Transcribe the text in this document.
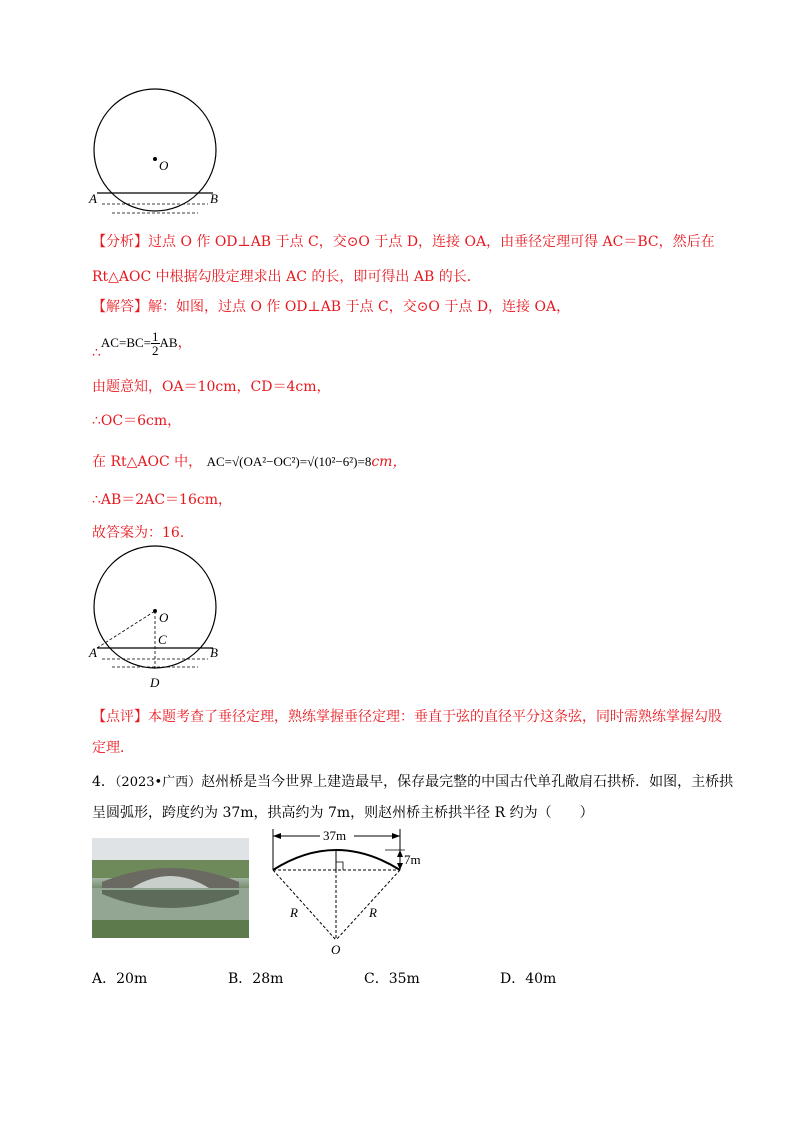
O
A	B
【分析】过点 O 作 OD⊥AB 于点 C，交⊙O 于点 D，连接 OA，由垂径定理可得 AC＝BC，然后在
Rt△AOC 中根据勾股定理求出 AC 的长，即可得出 AB 的长．
【解答】解：如图，过点 O 作 OD⊥AB 于点 C，交⊙O 于点 D，连接 OA，
∴AC=BC= $\frac{1}{2}$ AB，
由题意知，OA＝10cm，CD＝4cm，
∴OC＝6cm，
在 Rt△AOC 中， AC=√(OA²−OC²)=√(10²−6²)=8cm，
∴AB＝2AC＝16cm，
故答案为：16．
O
C
A	B
D
【点评】本题考查了垂径定理，熟练掌握垂径定理：垂直于弦的直径平分这条弦，同时需熟练掌握勾股
定理．
4．（2023•广西）赵州桥是当今世界上建造最早，保存最完整的中国古代单孔敞肩石拱桥．如图，主桥拱
呈圆弧形，跨度约为 37m，拱高约为 7m，则赵州桥主桥拱半径 R 约为（　　）
37m
7m
R	R
O
A．20m	B．28m	C．35m	D．40m
